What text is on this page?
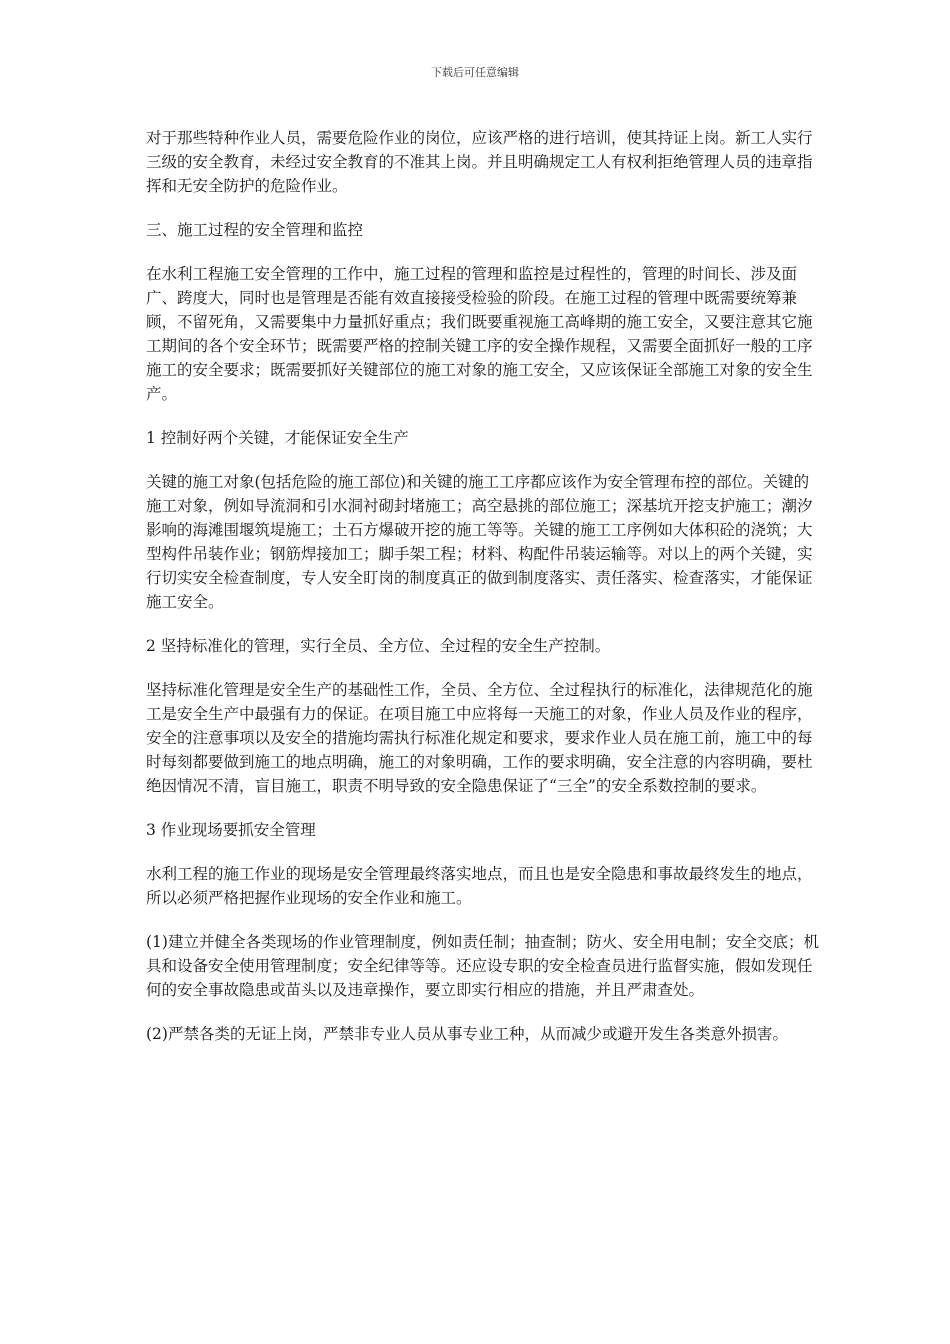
下载后可任意编辑

对于那些特种作业人员，需要危险作业的岗位，应该严格的进行培训，使其持证上岗。新工人实行三级的安全教育，未经过安全教育的不准其上岗。并且明确规定工人有权利拒绝管理人员的违章指挥和无安全防护的危险作业。

三、施工过程的安全管理和监控

在水利工程施工安全管理的工作中，施工过程的管理和监控是过程性的，管理的时间长、涉及面广、跨度大，同时也是管理是否能有效直接接受检验的阶段。在施工过程的管理中既需要统筹兼顾，不留死角，又需要集中力量抓好重点；我们既要重视施工高峰期的施工安全，又要注意其它施工期间的各个安全环节；既需要严格的控制关键工序的安全操作规程，又需要全面抓好一般的工序施工的安全要求；既需要抓好关键部位的施工对象的施工安全，又应该保证全部施工对象的安全生产。

1 控制好两个关键，才能保证安全生产

关键的施工对象(包括危险的施工部位)和关键的施工工序都应该作为安全管理布控的部位。关键的施工对象，例如导流洞和引水洞衬砌封堵施工；高空悬挑的部位施工；深基坑开挖支护施工；潮汐影响的海滩围堰筑堤施工；土石方爆破开挖的施工等等。关键的施工工序例如大体积砼的浇筑；大型构件吊装作业；钢筋焊接加工；脚手架工程；材料、构配件吊装运输等。对以上的两个关键，实行切实安全检查制度，专人安全盯岗的制度真正的做到制度落实、责任落实、检查落实，才能保证施工安全。

2 坚持标准化的管理，实行全员、全方位、全过程的安全生产控制。

坚持标准化管理是安全生产的基础性工作，全员、全方位、全过程执行的标准化，法律规范化的施工是安全生产中最强有力的保证。在项目施工中应将每一天施工的对象，作业人员及作业的程序，安全的注意事项以及安全的措施均需执行标准化规定和要求，要求作业人员在施工前，施工中的每时每刻都要做到施工的地点明确，施工的对象明确，工作的要求明确，安全注意的内容明确，要杜绝因情况不清，盲目施工，职责不明导致的安全隐患保证了“三全”的安全系数控制的要求。

3 作业现场要抓安全管理

水利工程的施工作业的现场是安全管理最终落实地点，而且也是安全隐患和事故最终发生的地点，所以必须严格把握作业现场的安全作业和施工。

(1)建立并健全各类现场的作业管理制度，例如责任制；抽查制；防火、安全用电制；安全交底；机具和设备安全使用管理制度；安全纪律等等。还应设专职的安全检查员进行监督实施，假如发现任何的安全事故隐患或苗头以及违章操作，要立即实行相应的措施，并且严肃查处。

(2)严禁各类的无证上岗，严禁非专业人员从事专业工种，从而减少或避开发生各类意外损害。
